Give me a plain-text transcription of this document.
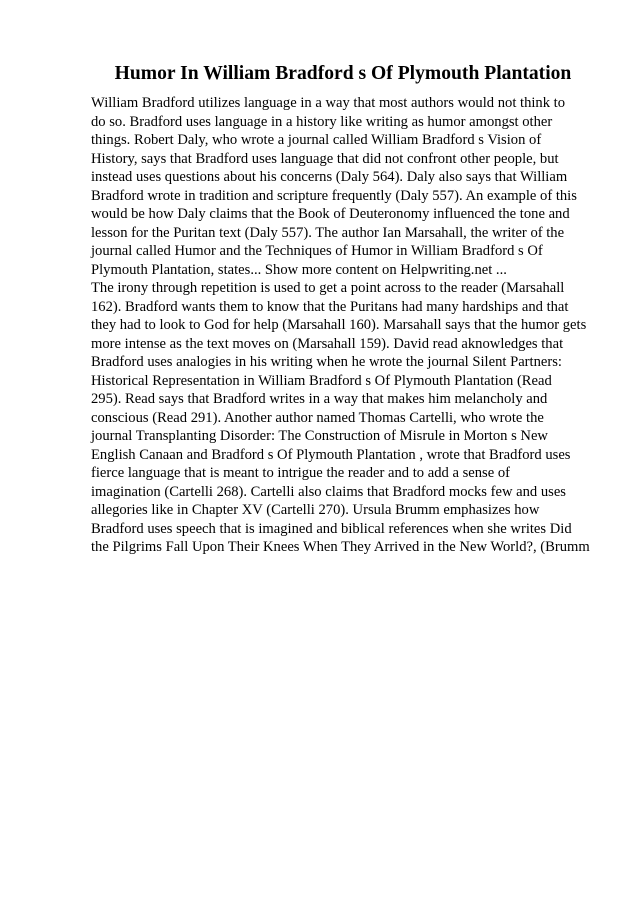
Humor In William Bradford s Of Plymouth Plantation
William Bradford utilizes language in a way that most authors would not think to
do so. Bradford uses language in a history like writing as humor amongst other
things. Robert Daly, who wrote a journal called William Bradford s Vision of
History, says that Bradford uses language that did not confront other people, but
instead uses questions about his concerns (Daly 564). Daly also says that William
Bradford wrote in tradition and scripture frequently (Daly 557). An example of this
would be how Daly claims that the Book of Deuteronomy influenced the tone and
lesson for the Puritan text (Daly 557). The author Ian Marsahall, the writer of the
journal called Humor and the Techniques of Humor in William Bradford s Of
Plymouth Plantation, states... Show more content on Helpwriting.net ...
The irony through repetition is used to get a point across to the reader (Marsahall
162). Bradford wants them to know that the Puritans had many hardships and that
they had to look to God for help (Marsahall 160). Marsahall says that the humor gets
more intense as the text moves on (Marsahall 159). David read aknowledges that
Bradford uses analogies in his writing when he wrote the journal Silent Partners:
Historical Representation in William Bradford s Of Plymouth Plantation (Read
295). Read says that Bradford writes in a way that makes him melancholy and
conscious (Read 291). Another author named Thomas Cartelli, who wrote the
journal Transplanting Disorder: The Construction of Misrule in Morton s New
English Canaan and Bradford s Of Plymouth Plantation , wrote that Bradford uses
fierce language that is meant to intrigue the reader and to add a sense of
imagination (Cartelli 268). Cartelli also claims that Bradford mocks few and uses
allegories like in Chapter XV (Cartelli 270). Ursula Brumm emphasizes how
Bradford uses speech that is imagined and biblical references when she writes Did
the Pilgrims Fall Upon Their Knees When They Arrived in the New World?, (Brumm
